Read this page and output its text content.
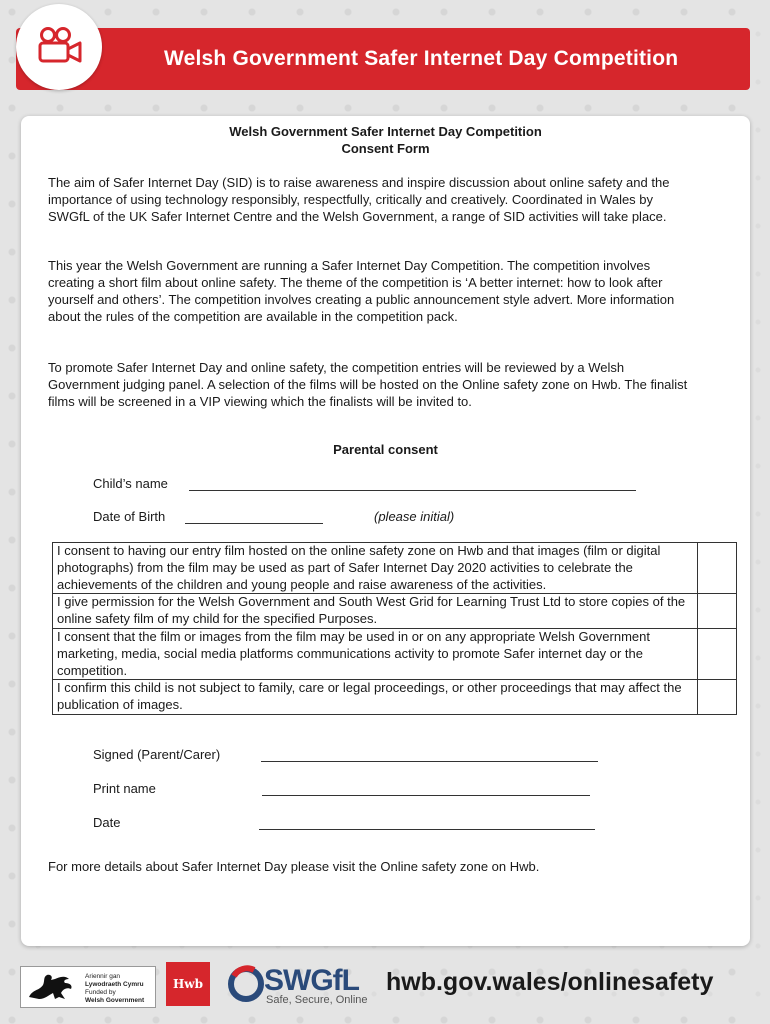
Welsh Government Safer Internet Day Competition
Welsh Government Safer Internet Day Competition
Consent Form

The aim of Safer Internet Day (SID) is to raise awareness and inspire discussion about online safety and the importance of using technology responsibly, respectfully, critically and creatively. Coordinated in Wales by SWGfL of the UK Safer Internet Centre and the Welsh Government, a range of SID activities will take place.

This year the Welsh Government are running a Safer Internet Day Competition. The competition involves creating a short film about online safety. The theme of the competition is ‘A better internet: how to look after yourself and others’. The competition involves creating a public announcement style advert. More information about the rules of the competition are available in the competition pack.

To promote Safer Internet Day and online safety, the competition entries will be reviewed by a Welsh Government judging panel. A selection of the films will be hosted on the Online safety zone on Hwb. The finalist films will be screened in a VIP viewing which the finalists will be invited to.

Parental consent
Child’s name
Date of Birth	(please initial)
I consent to having our entry film hosted on the online safety zone on Hwb and that images (film or digital photographs) from the film may be used as part of Safer Internet Day 2020 activities to celebrate the achievements of the children and young people and raise awareness of the activities.	
I give permission for the Welsh Government and South West Grid for Learning Trust Ltd to store copies of the online safety film of my child for the specified Purposes.	
I consent that the film or images from the film may be used in or on any appropriate Welsh Government marketing, media, social media platforms communications activity to promote Safer internet day or the competition.	
I confirm this child is not subject to family, care or legal proceedings, or other proceedings that may affect the publication of images.	
Signed (Parent/Carer)
Print name
Date
For more details about Safer Internet Day please visit the Online safety zone on Hwb.
Ariennir gan
Lywodraeth Cymru
Funded by
Welsh Government
Hwb SWGfL
Safe, Secure, Online
hwb.gov.wales/onlinesafety
